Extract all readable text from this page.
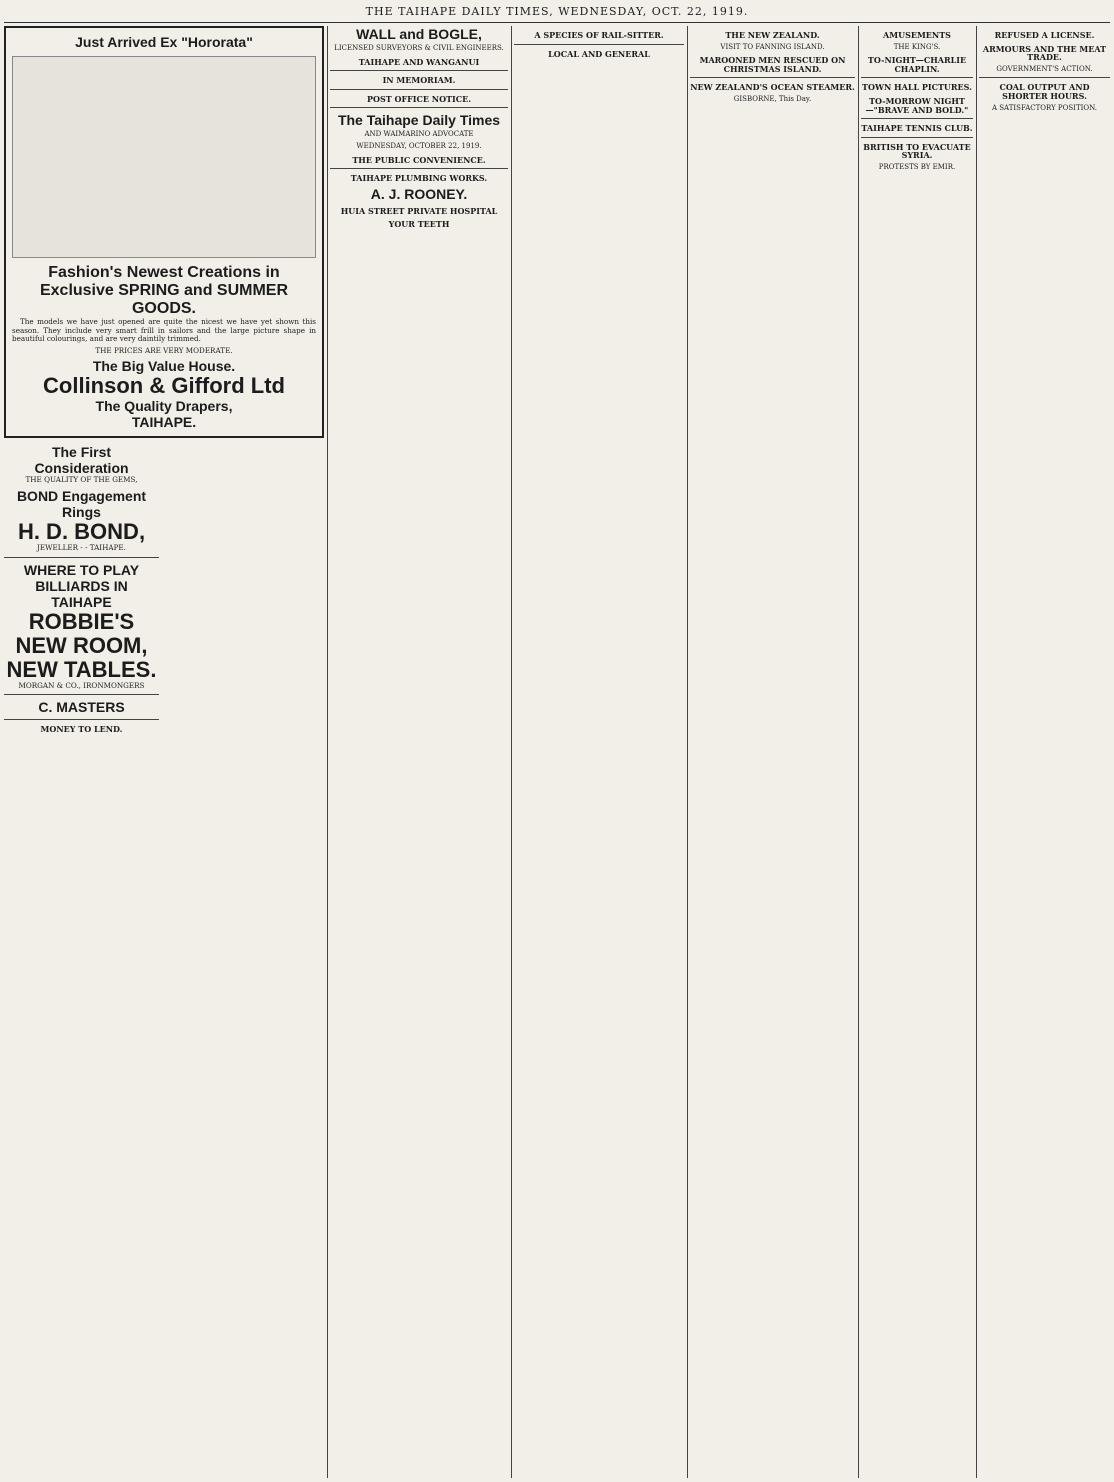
THE TAIHAPE DAILY TIMES, WEDNESDAY, OCT. 22, 1919.
Just Arrived Ex "Hororata"
Fashion's Newest Creations in Exclusive SPRING and SUMMER GOODS.

The models we have just opened are quite the nicest we have yet shown this season. They include very smart frill in sailors and the large picture shape in beautiful colourings, and are very daintily trimmed.

THE PRICES ARE VERY MODERATE.

The Big Value House.
Collinson & Gifford Ltd
The Quality Drapers,
TAIHAPE.
The First Consideration

THE QUALITY OF THE GEMS,

BOND Engagement Rings
H. D. BOND,

JEWELLER - - TAIHAPE.

WHERE TO PLAY BILLIARDS IN TAIHAPE
ROBBIE'S NEW ROOM, NEW TABLES.

MORGAN & CO., IRONMONGERS

C. MASTERS

MONEY TO LEND.

WALL and BOGLE,

LICENSED SURVEYORS & CIVIL ENGINEERS.

TAIHAPE AND WANGANUI

IN MEMORIAM.

POST OFFICE NOTICE.

The Taihape Daily Times

AND WAIMARINO ADVOCATE

WEDNESDAY, OCTOBER 22, 1919.

THE PUBLIC CONVENIENCE.

TAIHAPE PLUMBING WORKS.

A. J. ROONEY.

HUIA STREET PRIVATE HOSPITAL

YOUR TEETH

A SPECIES OF RAIL-SITTER.

LOCAL AND GENERAL

THE NEW ZEALAND.

VISIT TO FANNING ISLAND.

MAROONED MEN RESCUED ON CHRISTMAS ISLAND.

NEW ZEALAND'S OCEAN STEAMER.

GISBORNE, This Day.

AMUSEMENTS

THE KING'S.

TO-NIGHT—CHARLIE CHAPLIN.

TOWN HALL PICTURES.

TO-MORROW NIGHT—"BRAVE AND BOLD."

TAIHAPE TENNIS CLUB.

BRITISH TO EVACUATE SYRIA.

PROTESTS BY EMIR.

REFUSED A LICENSE.

ARMOURS AND THE MEAT TRADE.

GOVERNMENT'S ACTION.

COAL OUTPUT AND SHORTER HOURS.

A SATISFACTORY POSITION.
